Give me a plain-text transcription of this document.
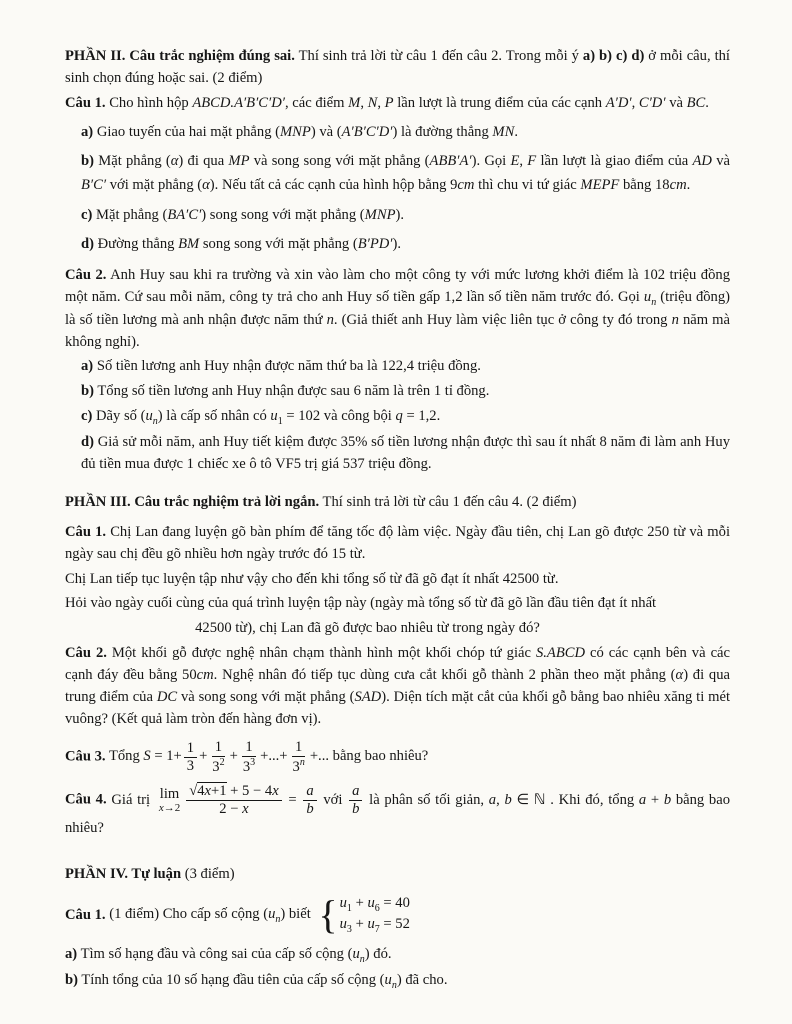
PHẦN II. Câu trắc nghiệm đúng sai. Thí sinh trả lời từ câu 1 đến câu 2. Trong mỗi ý a) b) c) d) ở mỗi câu, thí sinh chọn đúng hoặc sai. (2 điểm)

Câu 1. Cho hình hộp ABCD.A′B′C′D′, các điểm M, N, P lần lượt là trung điểm của các cạnh A′D′, C′D′ và BC.

a) Giao tuyến của hai mặt phẳng (MNP) và (A′B′C′D′) là đường thẳng MN.

b) Mặt phẳng (α) đi qua MP và song song với mặt phẳng (ABB′A′). Gọi E, F lần lượt là giao điểm của AD và B′C′ với mặt phẳng (α). Nếu tất cả các cạnh của hình hộp bằng 9cm thì chu vi tứ giác MEPF bằng 18cm.

c) Mặt phẳng (BA′C′) song song với mặt phẳng (MNP).

d) Đường thẳng BM song song với mặt phẳng (B′PD′).

Câu 2. Anh Huy sau khi ra trường và xin vào làm cho một công ty với mức lương khởi điểm là 102 triệu đồng một năm. Cứ sau mỗi năm, công ty trả cho anh Huy số tiền gấp 1,2 lần số tiền năm trước đó. Gọi $u_n$ (triệu đồng) là số tiền lương mà anh nhận được năm thứ n. (Giả thiết anh Huy làm việc liên tục ở công ty đó trong n năm mà không nghỉ).

a) Số tiền lương anh Huy nhận được năm thứ ba là 122,4 triệu đồng.

b) Tổng số tiền lương anh Huy nhận được sau 6 năm là trên 1 tỉ đồng.

c) Dãy số $(u_n)$ là cấp số nhân có $u_1 = 102$ và công bội q = 1,2.

d) Giả sử mỗi năm, anh Huy tiết kiệm được 35% số tiền lương nhận được thì sau ít nhất 8 năm đi làm anh Huy đủ tiền mua được 1 chiếc xe ô tô VF5 trị giá 537 triệu đồng.

PHẦN III. Câu trắc nghiệm trả lời ngắn. Thí sinh trả lời từ câu 1 đến câu 4. (2 điểm)

Câu 1. Chị Lan đang luyện gõ bàn phím để tăng tốc độ làm việc. Ngày đầu tiên, chị Lan gõ được 250 từ và mỗi ngày sau chị đều gõ nhiều hơn ngày trước đó 15 từ.

Chị Lan tiếp tục luyện tập như vậy cho đến khi tổng số từ đã gõ đạt ít nhất 42500 từ.

Hỏi vào ngày cuối cùng của quá trình luyện tập này (ngày mà tổng số từ đã gõ lần đầu tiên đạt ít nhất

42500 từ), chị Lan đã gõ được bao nhiêu từ trong ngày đó?

Câu 2. Một khối gỗ được nghệ nhân chạm thành hình một khối chóp tứ giác S.ABCD có các cạnh bên và các cạnh đáy đều bằng 50cm. Nghệ nhân đó tiếp tục dùng cưa cắt khối gỗ thành 2 phần theo mặt phẳng (α) đi qua trung điểm của DC và song song với mặt phẳng (SAD). Diện tích mặt cắt của khối gỗ bằng bao nhiêu xăng ti mét vuông? (Kết quả làm tròn đến hàng đơn vị).

Câu 3. Tổng $S = 1+ \frac{1}{3} + \frac{1}{3^2} + \frac{1}{3^3}$ +...+ $\frac{1}{3^n}$ +... bằng bao nhiêu?

Câu 4. Giá trị lim
$x\to 2 \frac{√4x+1 + 5 - 4x}{2 - x} = \frac{a}{b}$ với $\frac{a}{b}$ là phân số tối giản, a, b ∈ ℕ . Khi đó, tổng a + b bằng bao nhiêu?

PHẦN IV. Tự luận (3 điểm)

Câu 1. (1 điểm) Cho cấp số cộng $(u_n)$ biết { $u_1 + u_6 = 40$
$u_3 + u_7 = 52$

a) Tìm số hạng đầu và công sai của cấp số cộng $(u_n)$ đó.

b) Tính tổng của 10 số hạng đầu tiên của cấp số cộng $(u_n)$ đã cho.
